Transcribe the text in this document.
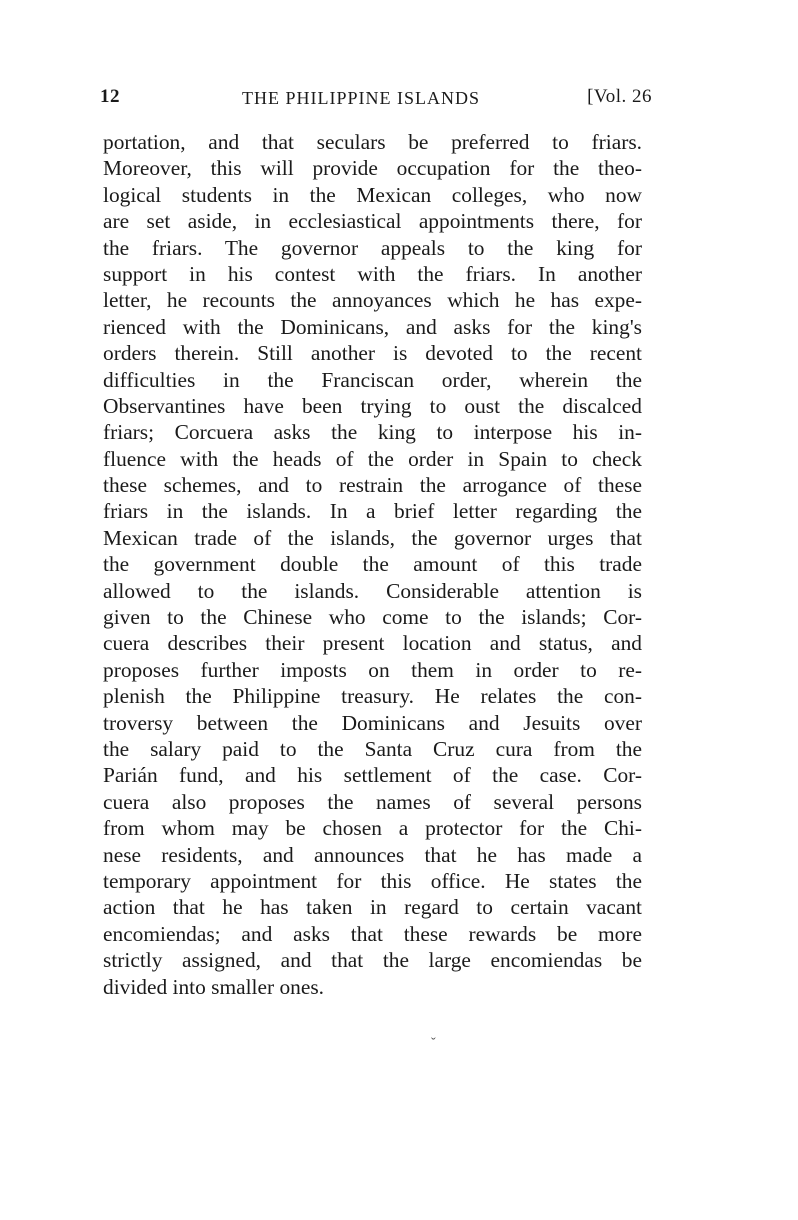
12	THE PHILIPPINE ISLANDS	[Vol. 26
portation, and that seculars be preferred to friars.
Moreover, this will provide occupation for the theo-
logical students in the Mexican colleges, who now
are set aside, in ecclesiastical appointments there, for
the friars. The governor appeals to the king for
support in his contest with the friars. In another
letter, he recounts the annoyances which he has expe-
rienced with the Dominicans, and asks for the king's
orders therein. Still another is devoted to the recent
difficulties in the Franciscan order, wherein the
Observantines have been trying to oust the discalced
friars; Corcuera asks the king to interpose his in-
fluence with the heads of the order in Spain to check
these schemes, and to restrain the arrogance of these
friars in the islands. In a brief letter regarding the
Mexican trade of the islands, the governor urges that
the government double the amount of this trade
allowed to the islands. Considerable attention is
given to the Chinese who come to the islands; Cor-
cuera describes their present location and status, and
proposes further imposts on them in order to re-
plenish the Philippine treasury. He relates the con-
troversy between the Dominicans and Jesuits over
the salary paid to the Santa Cruz cura from the
Parián fund, and his settlement of the case. Cor-
cuera also proposes the names of several persons
from whom may be chosen a protector for the Chi-
nese residents, and announces that he has made a
temporary appointment for this office. He states the
action that he has taken in regard to certain vacant
encomiendas; and asks that these rewards be more
strictly assigned, and that the large encomiendas be
divided into smaller ones.
ˇ
